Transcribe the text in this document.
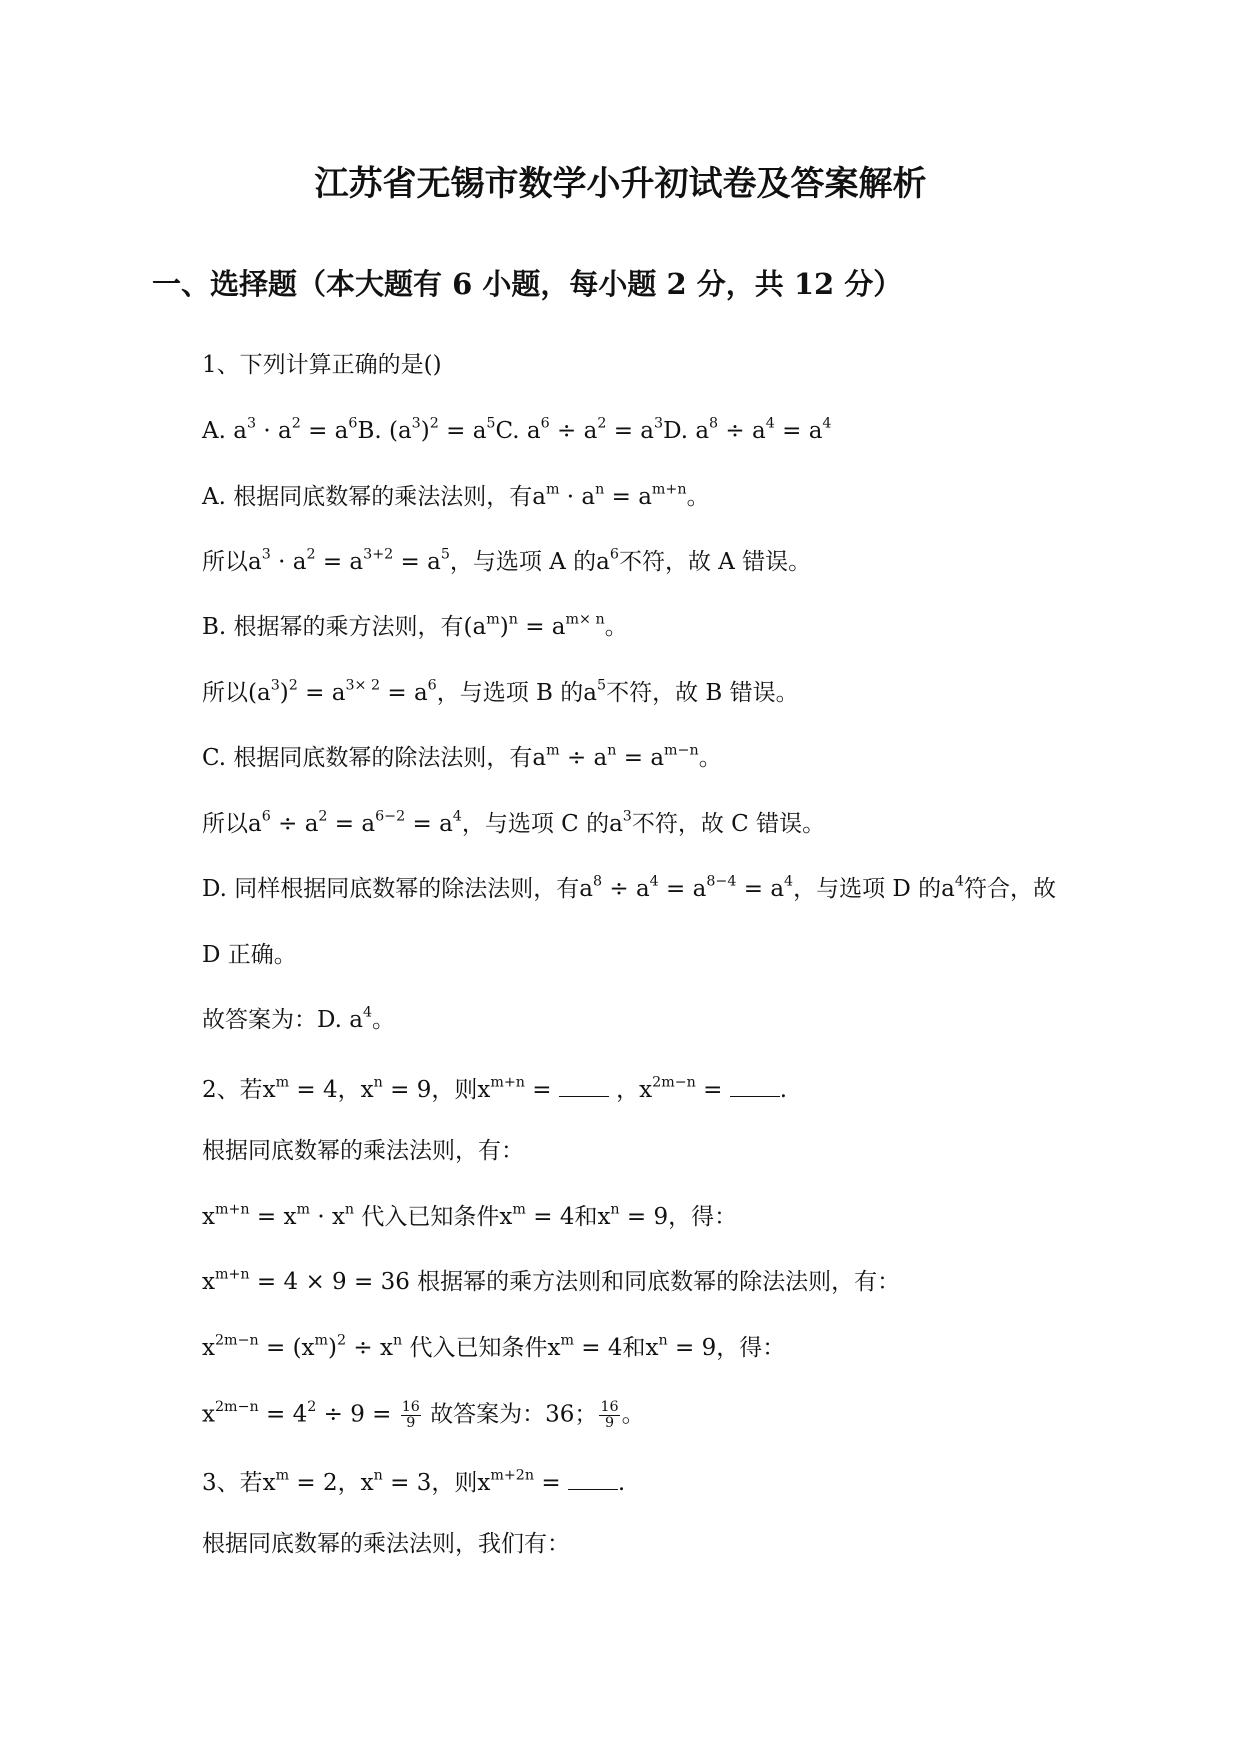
江苏省无锡市数学小升初试卷及答案解析
一、选择题（本大题有 6 小题，每小题 2 分，共 12 分）
1、下列计算正确的是()
A. $a^3 \cdot a^2 = a^6B$. $(a^3)^2 = a^5C$. $a^6 \div a^2 = a^3D$. $a^8 \div a^4 = a^4$
A. 根据同底数幂的乘法法则，有$a^m \cdot a^n = a^{m+n}$。
所以$a^3 \cdot a^2 = a^{3+2} = a^5$，与选项 A 的$a^6$不符，故 A 错误。
B. 根据幂的乘方法则，有$(a^m)^n = a^{m\times n}$。
所以$(a^3)^2 = a^{3\times 2} = a^6$，与选项 B 的$a^5$不符，故 B 错误。
C. 根据同底数幂的除法法则，有$a^m \div a^n = a^{m-n}$。
所以$a^6 \div a^2 = a^{6-2} = a^4$，与选项 C 的$a^3$不符，故 C 错误。
D. 同样根据同底数幂的除法法则，有$a^8 \div a^4 = a^{8-4} = a^4$，与选项 D 的$a^4$符合，故
D 正确。
故答案为：D. $a^4$。
2、若$x^m = 4$，$x^n = 9$，则$x^{m+n}$ =  ，$x^{2m-n}$ = .
根据同底数幂的乘法法则，有：
$x^{m+n} = x^m \cdot x^n$ 代入已知条件$x^m = 4$和$x^n = 9$，得：
$x^{m+n} = 4 \times 9 = 36$ 根据幂的乘方法则和同底数幂的除法法则，有：
$x^{2m-n} = (x^m)^2 \div x^n$ 代入已知条件$x^m = 4$和$x^n = 9$，得：
$x^{2m-n} = 4^2 \div 9 = \frac{16}{9}$ 故答案为：36； $\frac{16}{9}$ 。
3、若$x^m = 2$，$x^n = 3$，则$x^{m+2n}$ = .
根据同底数幂的乘法法则，我们有：
